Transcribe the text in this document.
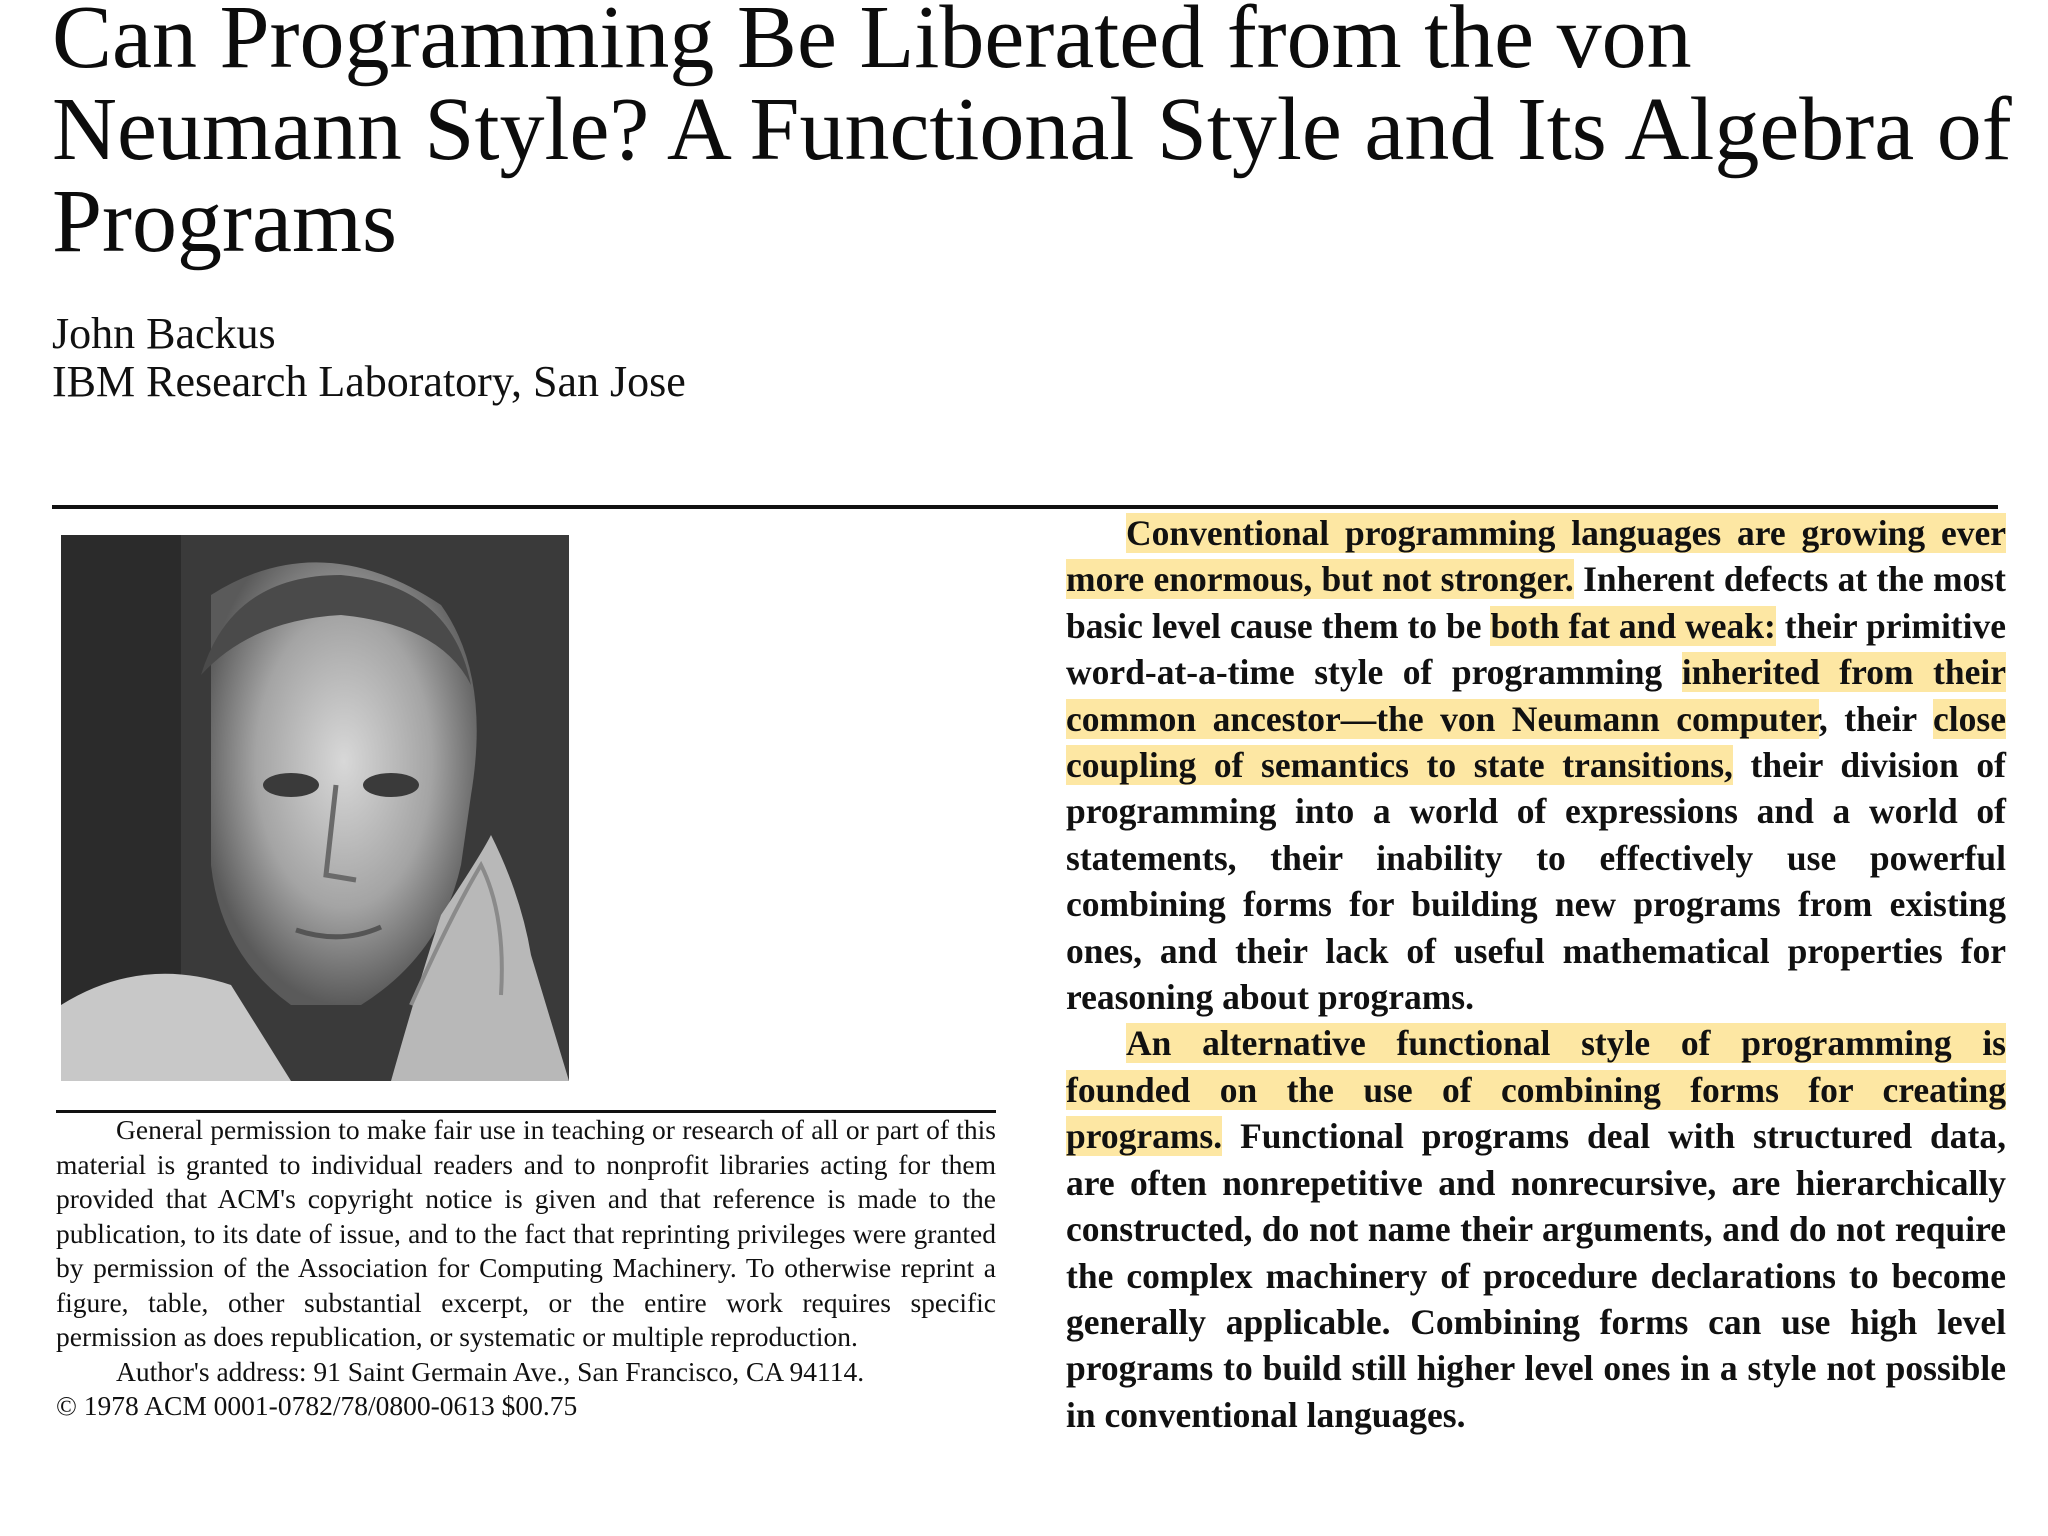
Can Programming Be Liberated from the von Neumann Style? A Functional Style and Its Algebra of Programs
John Backus
IBM Research Laboratory, San Jose

General permission to make fair use in teaching or research of all or part of this material is granted to individual readers and to nonprofit libraries acting for them provided that ACM's copyright notice is given and that reference is made to the publication, to its date of issue, and to the fact that reprinting privileges were granted by permission of the Association for Computing Machinery. To otherwise reprint a figure, table, other substantial excerpt, or the entire work requires specific permission as does republication, or systematic or multiple reproduction.

Author's address: 91 Saint Germain Ave., San Francisco, CA 94114.

© 1978 ACM 0001-0782/78/0800-0613 $00.75

Conventional programming languages are growing ever more enormous, but not stronger. Inherent defects at the most basic level cause them to be both fat and weak: their primitive word-at-a-time style of programming inherited from their common ancestor—the von Neumann computer, their close coupling of semantics to state transitions, their division of programming into a world of expressions and a world of statements, their inability to effectively use powerful combining forms for building new programs from existing ones, and their lack of useful mathematical properties for reasoning about programs.

An alternative functional style of programming is founded on the use of combining forms for creating programs. Functional programs deal with structured data, are often nonrepetitive and nonrecursive, are hierarchically constructed, do not name their arguments, and do not require the complex machinery of procedure declarations to become generally applicable. Combining forms can use high level programs to build still higher level ones in a style not possible in conventional languages.
